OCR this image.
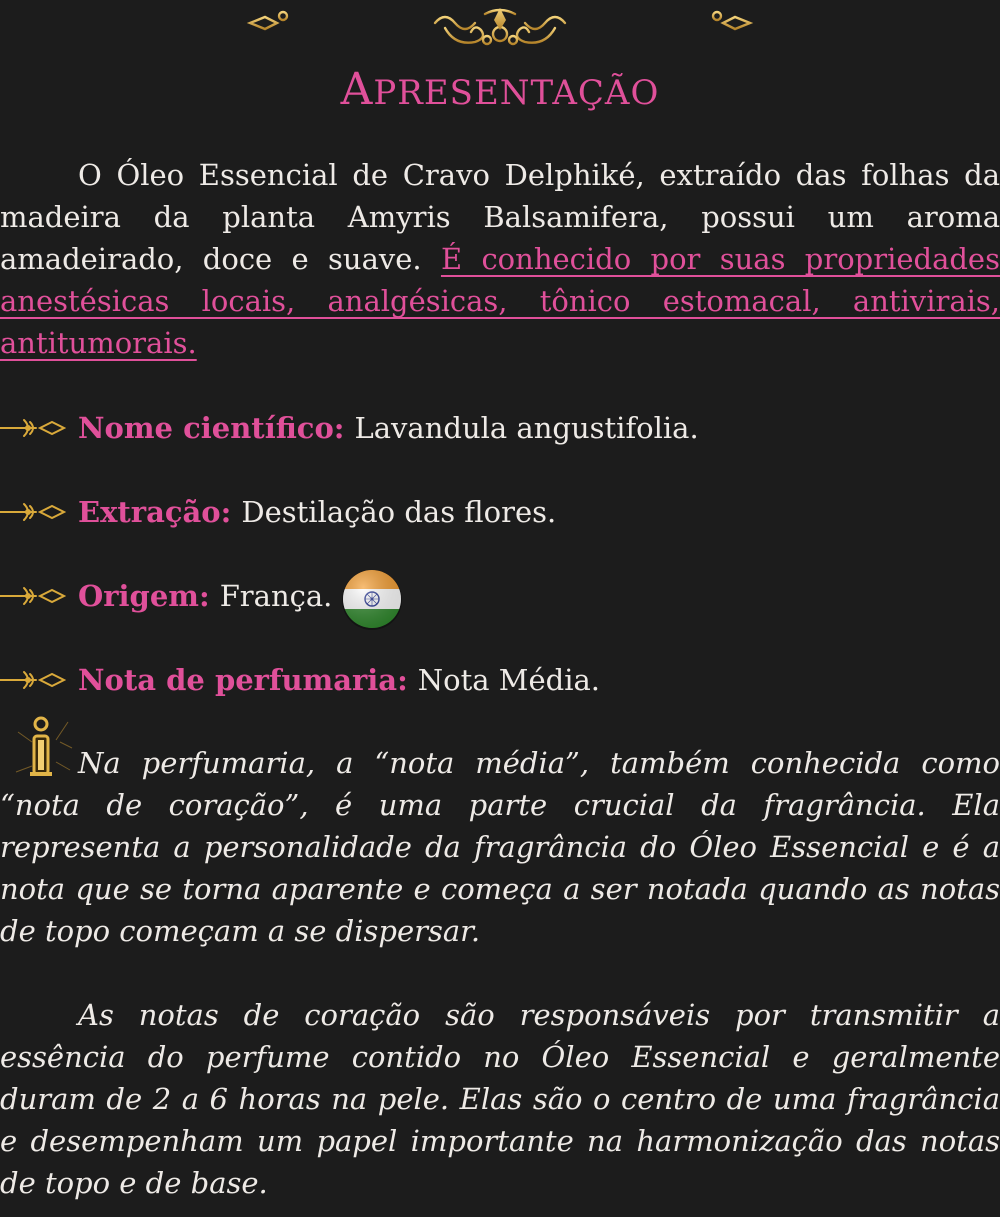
APRESENTAÇÃO

O Óleo Essencial de Cravo Delphiké, extraído das folhas da madeira da planta Amyris Balsamifera, possui um aroma amadeirado, doce e suave. É conhecido por suas propriedades anestésicas locais, analgésicas, tônico estomacal, antivirais, antitumorais.

Nome científico: Lavandula angustifolia.
Extração: Destilação das flores.
Origem: França.
Nota de perfumaria: Nota Média.

Na perfumaria, a “nota média”, também conhecida como “nota de coração”, é uma parte crucial da fragrância. Ela representa a personalidade da fragrância do Óleo Essencial e é a nota que se torna aparente e começa a ser notada quando as notas de topo começam a se dispersar.

As notas de coração são responsáveis por transmitir a essência do perfume contido no Óleo Essencial e geralmente duram de 2 a 6 horas na pele. Elas são o centro de uma fragrância e desempenham um papel importante na harmonização das notas de topo e de base.
